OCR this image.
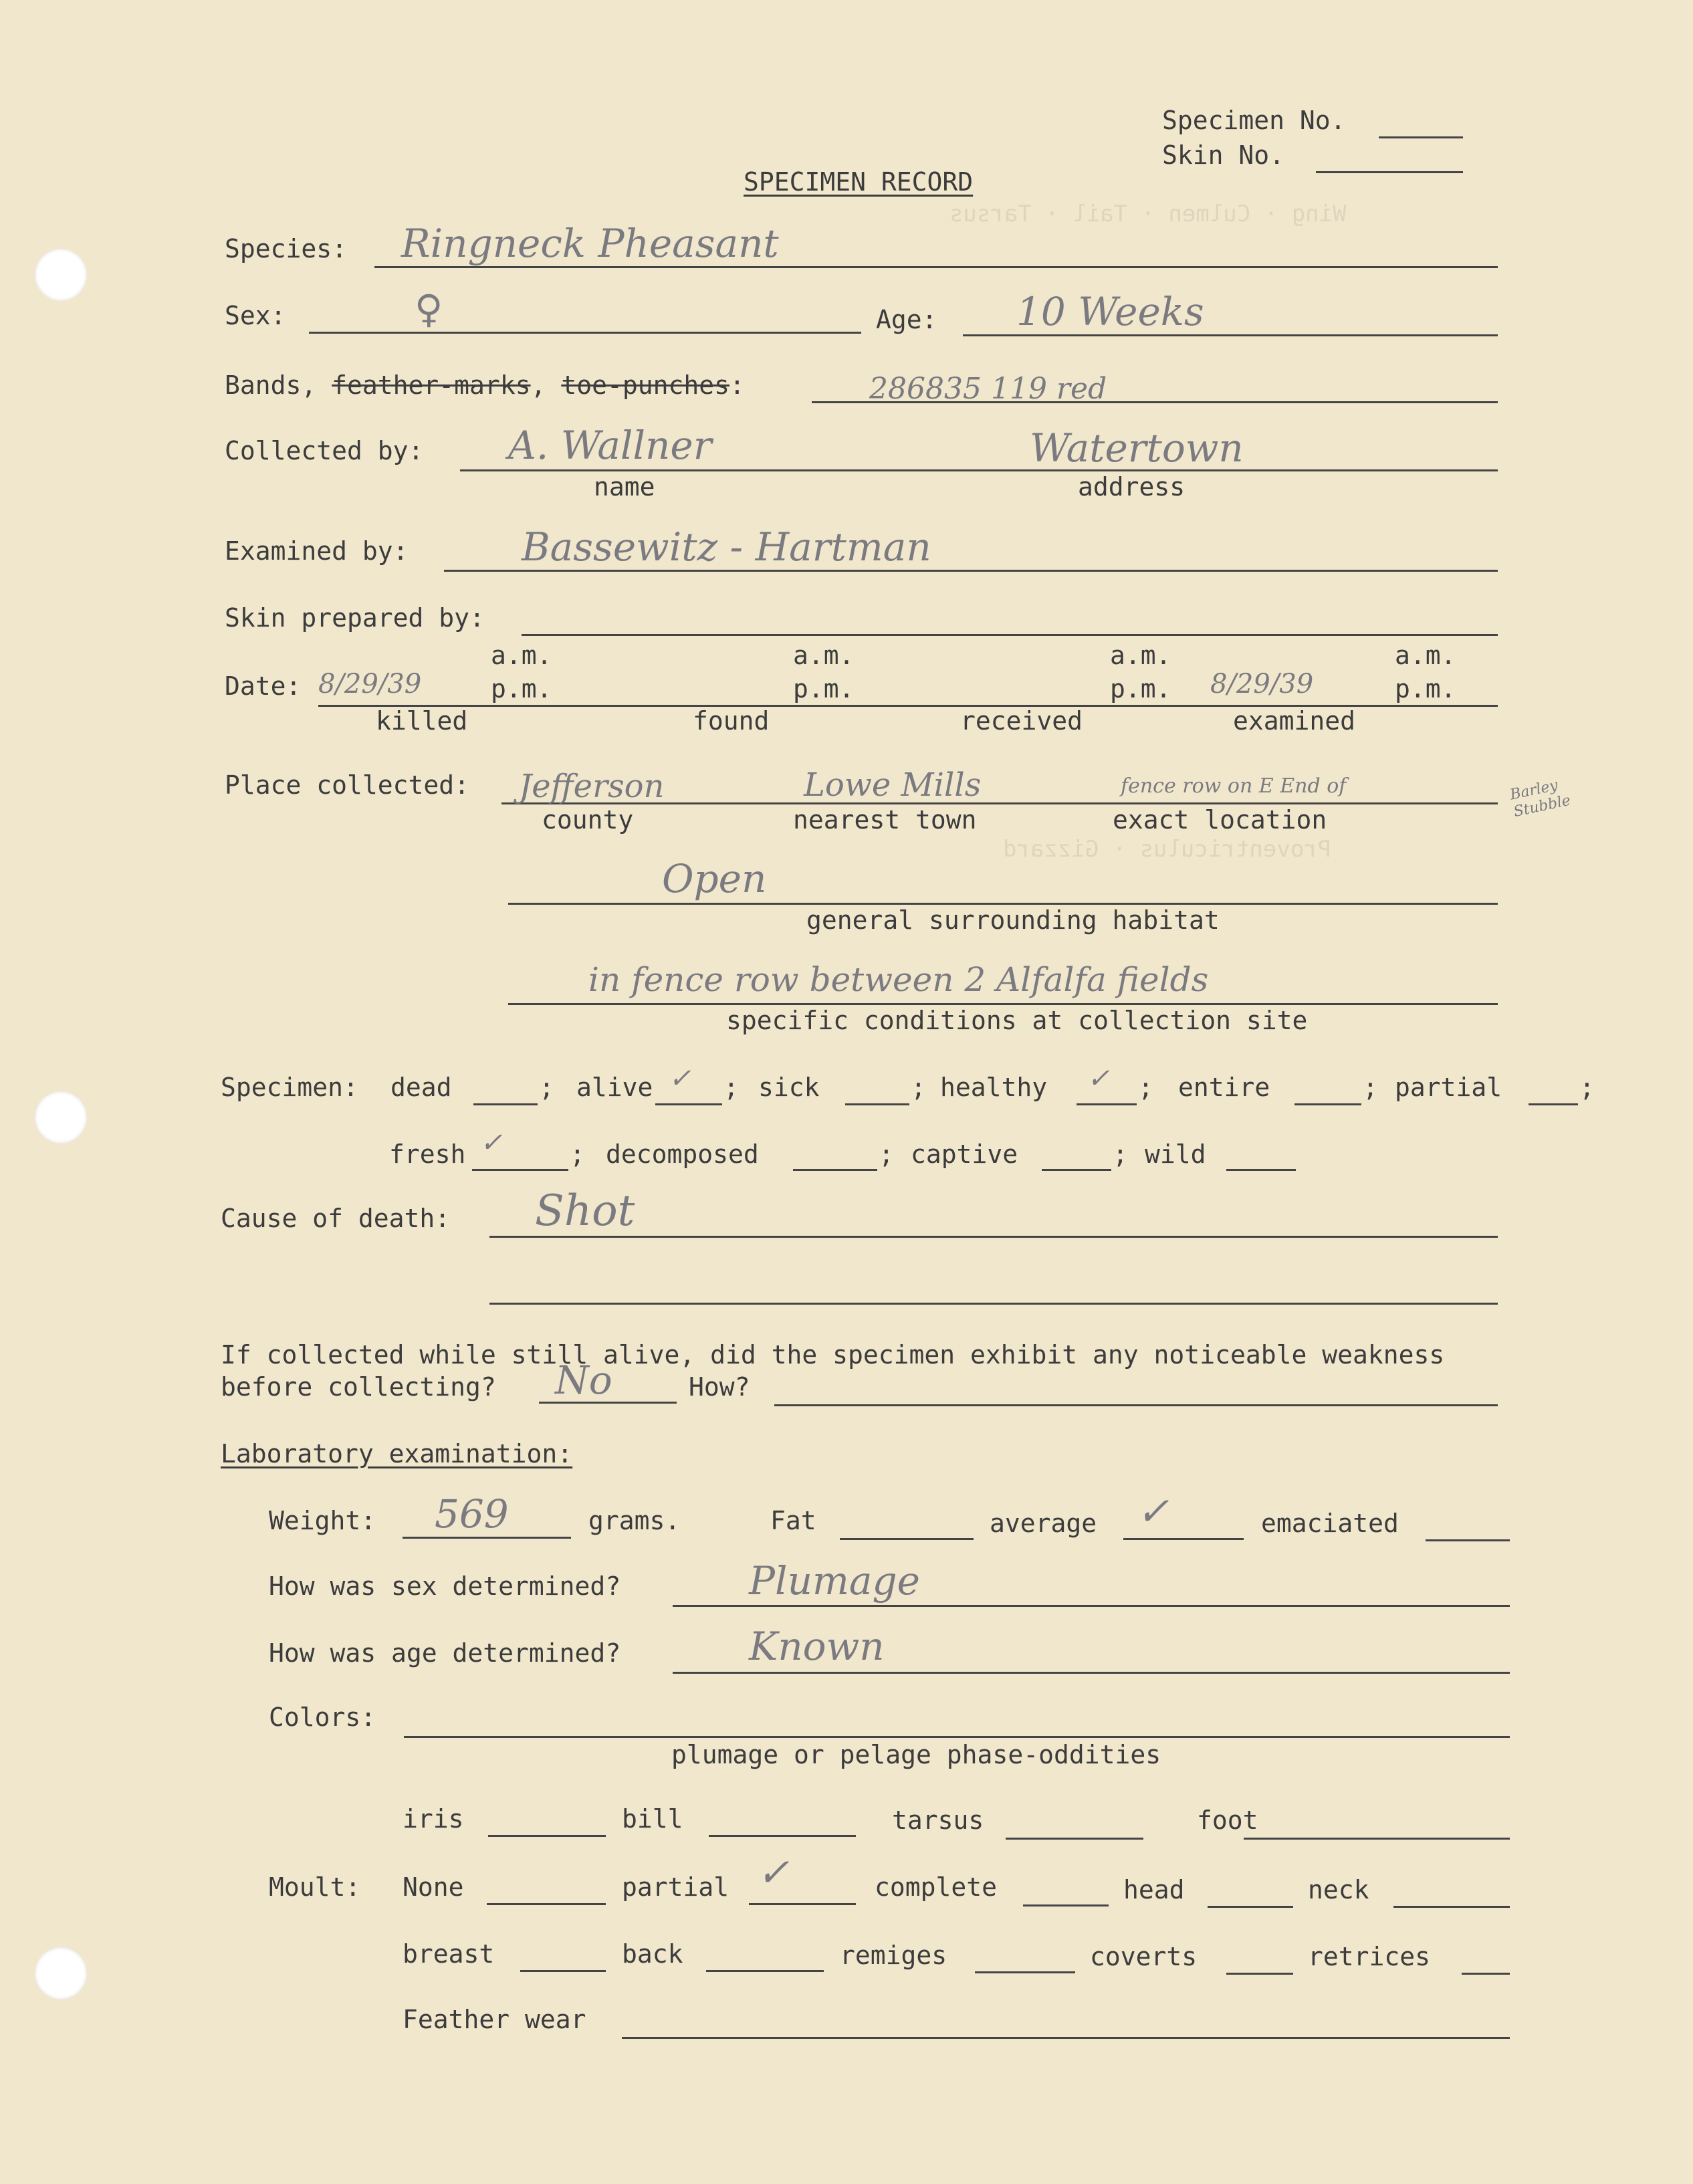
Wing · Culmen · Tail · Tarsus
Proventriculus · Gizzard
Specimen No.
Skin No.
SPECIMEN RECORD
Species: Ringneck Pheasant
Sex:	♀	Age: 10 Weeks
Bands, feather-marks, toe-punches:	286835 119 red
Collected by: A. Wallner	Watertown
name	address
Examined by:	Bassewitz - Hartman
Skin prepared by:
a.m.	a.m.	a.m.	a.m.
Date: 8/29/39	p.m.	p.m.	p.m. 8/29/39	p.m.
killed	found	received	examined
Place collected: Jefferson	Lowe Mills	fence row on E End of	Barley Stubble
county	nearest town	exact location
Open
general surrounding habitat
in fence row between 2 Alfalfa fields
specific conditions at collection site
Specimen: dead	; alive ✓ ; sick	; healthy ✓ ; entire	; partial	;
fresh ✓	; decomposed	; captive	; wild
Cause of death: Shot
If collected while still alive, did the specimen exhibit any noticeable weakness
before collecting? No	How?
Laboratory examination:
Weight: 569	grams.	Fat	average ✓	emaciated
How was sex determined?	Plumage
How was age determined?	Known
Colors:
plumage or pelage phase-oddities
iris	bill	tarsus	foot
Moult: None	partial ✓	complete	head	neck
breast	back	remiges	coverts	retrices
Feather wear
